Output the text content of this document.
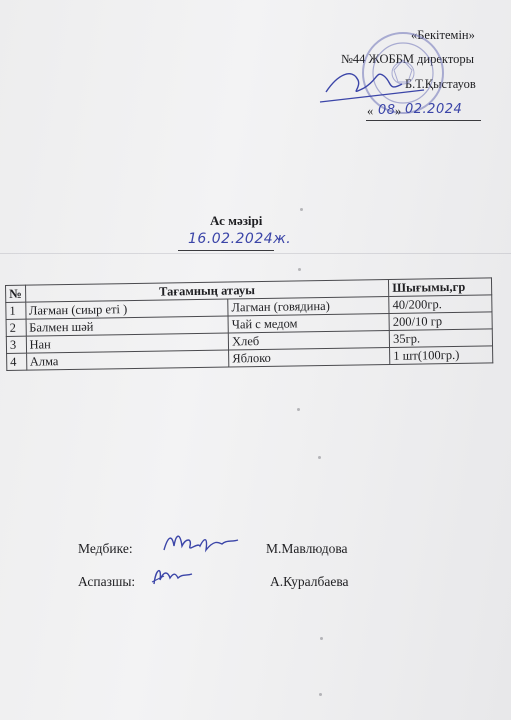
«Бекітемін»
№44 ЖОББМ директоры
Б.Т.Қыстауов
« 08 » 02.2024
Ас мәзірі
16.02.2024ж.
№	Тағамның атауы		Шығымы,гр
1	Лағман (сиыр еті )	Лагман (говядина)	40/200гр.
2	Балмен шәй	Чай с медом	200/10 гр
3	Нан	Хлеб	35гр.
4	Алма	Яблоко	1 шт(100гр.)
Медбике:	М.Мавлюдова
Аспазшы:	А.Куралбаева
